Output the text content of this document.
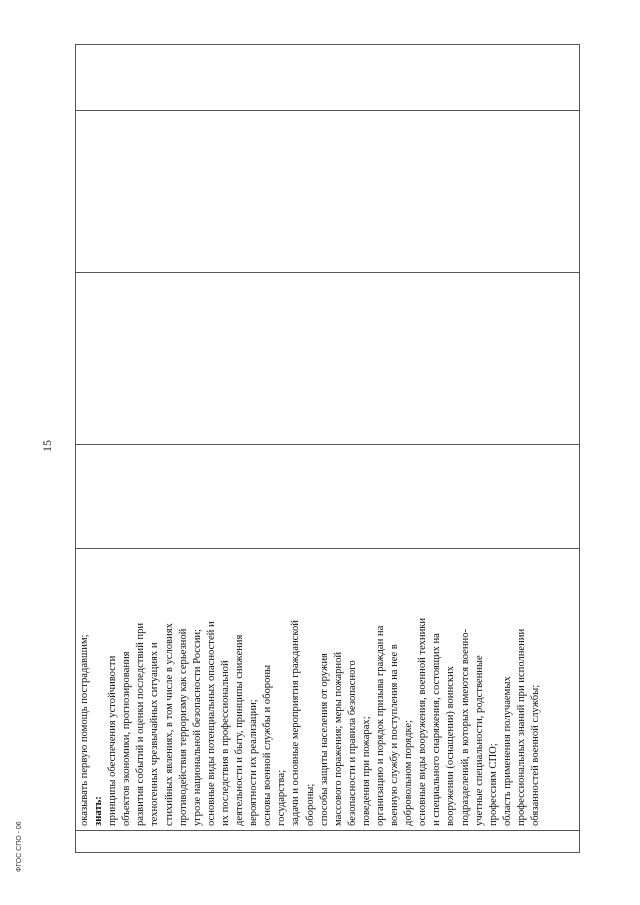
15

оказывать первую помощь пострадавшим; знать: принципы обеспечения устойчивости объектов экономики, прогнозирования развития событий и оценки последствий при техногенных чрезвычайных ситуациях и стихийных явлениях, в том числе в условиях противодействия терроризму как серьезной угрозе национальной безопасности России; основные виды потенциальных опасностей и их последствия в профессиональной деятельности и быту, принципы снижения вероятности их реализации; основы военной службы и обороны государства; задачи и основные мероприятия гражданской обороны; способы защиты населения от оружия массового поражения; меры пожарной безопасности и правила безопасного поведения при пожарах; организацию и порядок призыва граждан на военную службу и поступления на нее в добровольном порядке; основные виды вооружения, военной техники и специального снаряжения, состоящих на вооружении (оснащении) воинских подразделений, в которых имеются военно- учетные специальности, родственные профессиям СПО; область применения получаемых профессиональных знаний при исполнении обязанностей военной службы;

ФГОС СПО - 06
